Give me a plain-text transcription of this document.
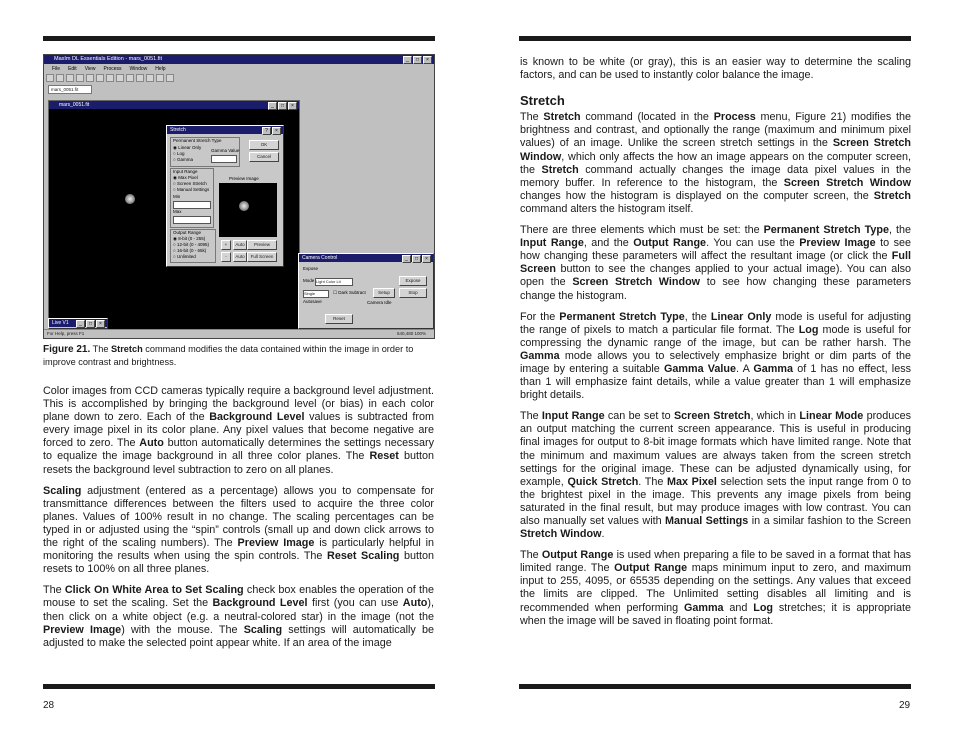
28	29
MaxIm DL Essentials Edition - mars_0051.fit	_	□	×
File Edit View Process Window Help
mars_0051.fit
mars_0051.fit	_	□	×
Stretch	?	×
Permanent Stretch Type
◉ Linear Only
○ Log
○ Gamma
Gamma Value
OK
Cancel
Input Range
◉ Max Pixel
○ Screen Stretch
○ Manual Settings
Min
Max
Preview Image
Output Range
◉ 8-bit (0 - 255)
○ 12-bit (0 - 4095)
○ 16-bit (0 - 65k)
○ Unlimited
+	Auto	Preview
-	Auto	Full Screen	Camera Control	_	□	×
Expose
Mode Light Color Lit	Expose
Single	☐ Dark Subtract	Setup	Stop
Autosave	Camera Idle
Reset
Live V1	_	□	×
For Help, press F1	640,480 100%
Figure 21. The Stretch command modifies the data contained within the image in order to improve contrast and brightness.

Color images from CCD cameras typically require a background level adjustment. This is accomplished by bringing the background level (or bias) in each color plane down to zero. Each of the Background Level values is subtracted from every image pixel in its color plane. Any pixel values that become negative are forced to zero. The Auto button automatically determines the settings necessary to equalize the image background in all three color planes. The Reset button resets the background level subtraction to zero on all planes.

Scaling adjustment (entered as a percentage) allows you to compensate for transmittance differences between the filters used to acquire the three color planes. Values of 100% result in no change. The scaling percentages can be typed in or adjusted using the “spin” controls (small up and down click arrows to the right of the scaling numbers). The Preview Image is particularly helpful in monitoring the results when using the spin controls. The Reset Scaling button resets to 100% on all three planes.

The Click On White Area to Set Scaling check box enables the operation of the mouse to set the scaling. Set the Background Level first (you can use Auto), then click on a white object (e.g. a neutral-colored star) in the image (not the Preview Image) with the mouse. The Scaling settings will automatically be adjusted to make the selected point appear white. If an area of the image

is known to be white (or gray), this is an easier way to determine the scaling factors, and can be used to instantly color balance the image.

Stretch

The Stretch command (located in the Process menu, Figure 21) modifies the brightness and contrast, and optionally the range (maximum and minimum pixel values) of an image. Unlike the screen stretch settings in the Screen Stretch Window, which only affects the how an image appears on the computer screen, the Stretch command actually changes the image data pixel values in the memory buffer. In reference to the histogram, the Screen Stretch Window changes how the histogram is displayed on the computer screen, the Stretch command alters the histogram itself.

There are three elements which must be set: the Permanent Stretch Type, the Input Range, and the Output Range. You can use the Preview Image to see how changing these parameters will affect the resultant image (or click the Full Screen button to see the changes applied to your actual image). You can also open the Screen Stretch Window to see how changing these parameters change the histogram.

For the Permanent Stretch Type, the Linear Only mode is useful for adjusting the range of pixels to match a particular file format. The Log mode is useful for compressing the dynamic range of the image, but can be rather harsh. The Gamma mode allows you to selectively emphasize bright or dim parts of the image by entering a suitable Gamma Value. A Gamma of 1 has no effect, less than 1 will emphasize faint details, while a value greater than 1 will emphasize bright details.

The Input Range can be set to Screen Stretch, which in Linear Mode produces an output matching the current screen appearance. This is useful in producing final images for output to 8-bit image formats which have limited range. Note that the minimum and maximum values are always taken from the screen stretch settings for the original image. These can be adjusted dynamically using, for example, Quick Stretch. The Max Pixel selection sets the input range from 0 to the brightest pixel in the image. This prevents any image pixels from being saturated in the final result, but may produce images with low contrast. You can also manually set values with Manual Settings in a similar fashion to the Screen Stretch Window.

The Output Range is used when preparing a file to be saved in a format that has limited range. The Output Range maps minimum input to zero, and maximum input to 255, 4095, or 65535 depending on the settings. Any values that exceed the limits are clipped. The Unlimited setting disables all limiting and is recommended when performing Gamma and Log stretches; it is appropriate when the image will be saved in floating point format.
